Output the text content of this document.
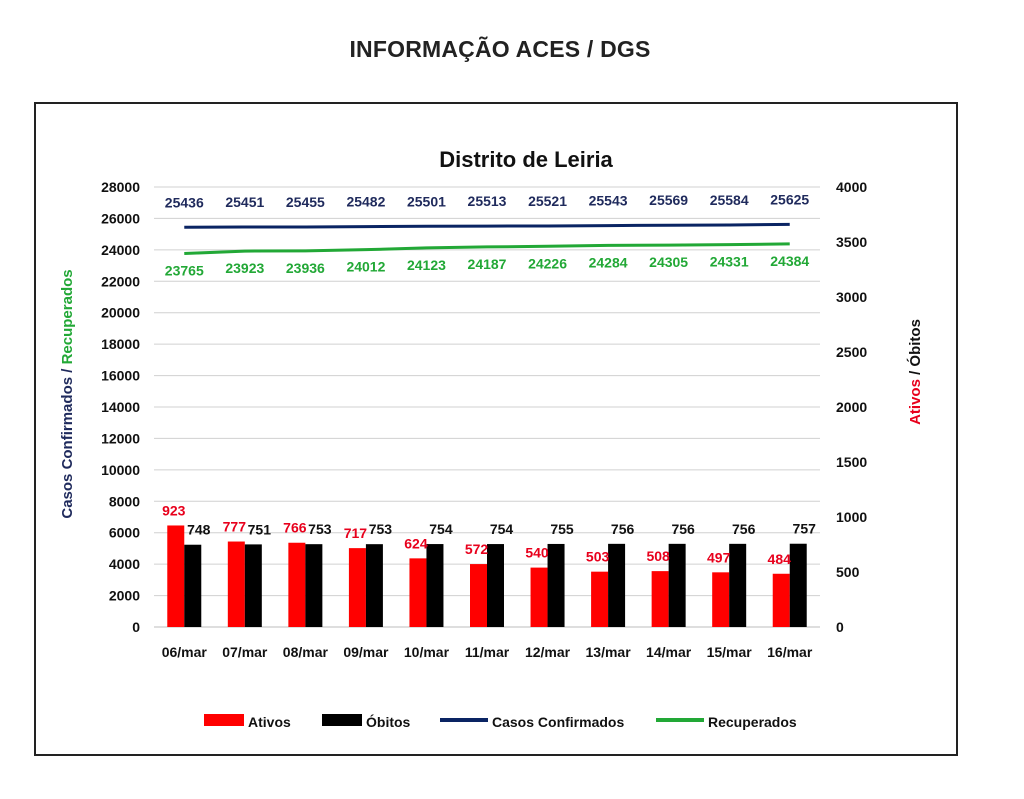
INFORMAÇÃO ACES / DGS
Distrito de Leiria
0
2000
4000
6000
8000
10000
12000
14000
16000
18000
20000
22000
24000
26000
28000
0
500
1000
1500
2000
2500
3000
3500
4000
923
777	766	717
624	572	540	503	508	497	484
748	751	753	753	754	754	755	756	756	756	757
25436 25451 25455 25482 25501 25513 25521 25543 25569 25584 25625
23765 23923 23936 24012 24123 24187 24226 24284 24305 24331 24384
06/mar 07/mar 08/mar 09/mar 10/mar 11/mar 12/mar 13/mar 14/mar 15/mar 16/mar
Casos Confirmados / Recuperados
Ativos / Óbitos
Ativos	Óbitos	Casos Confirmados	Recuperados
